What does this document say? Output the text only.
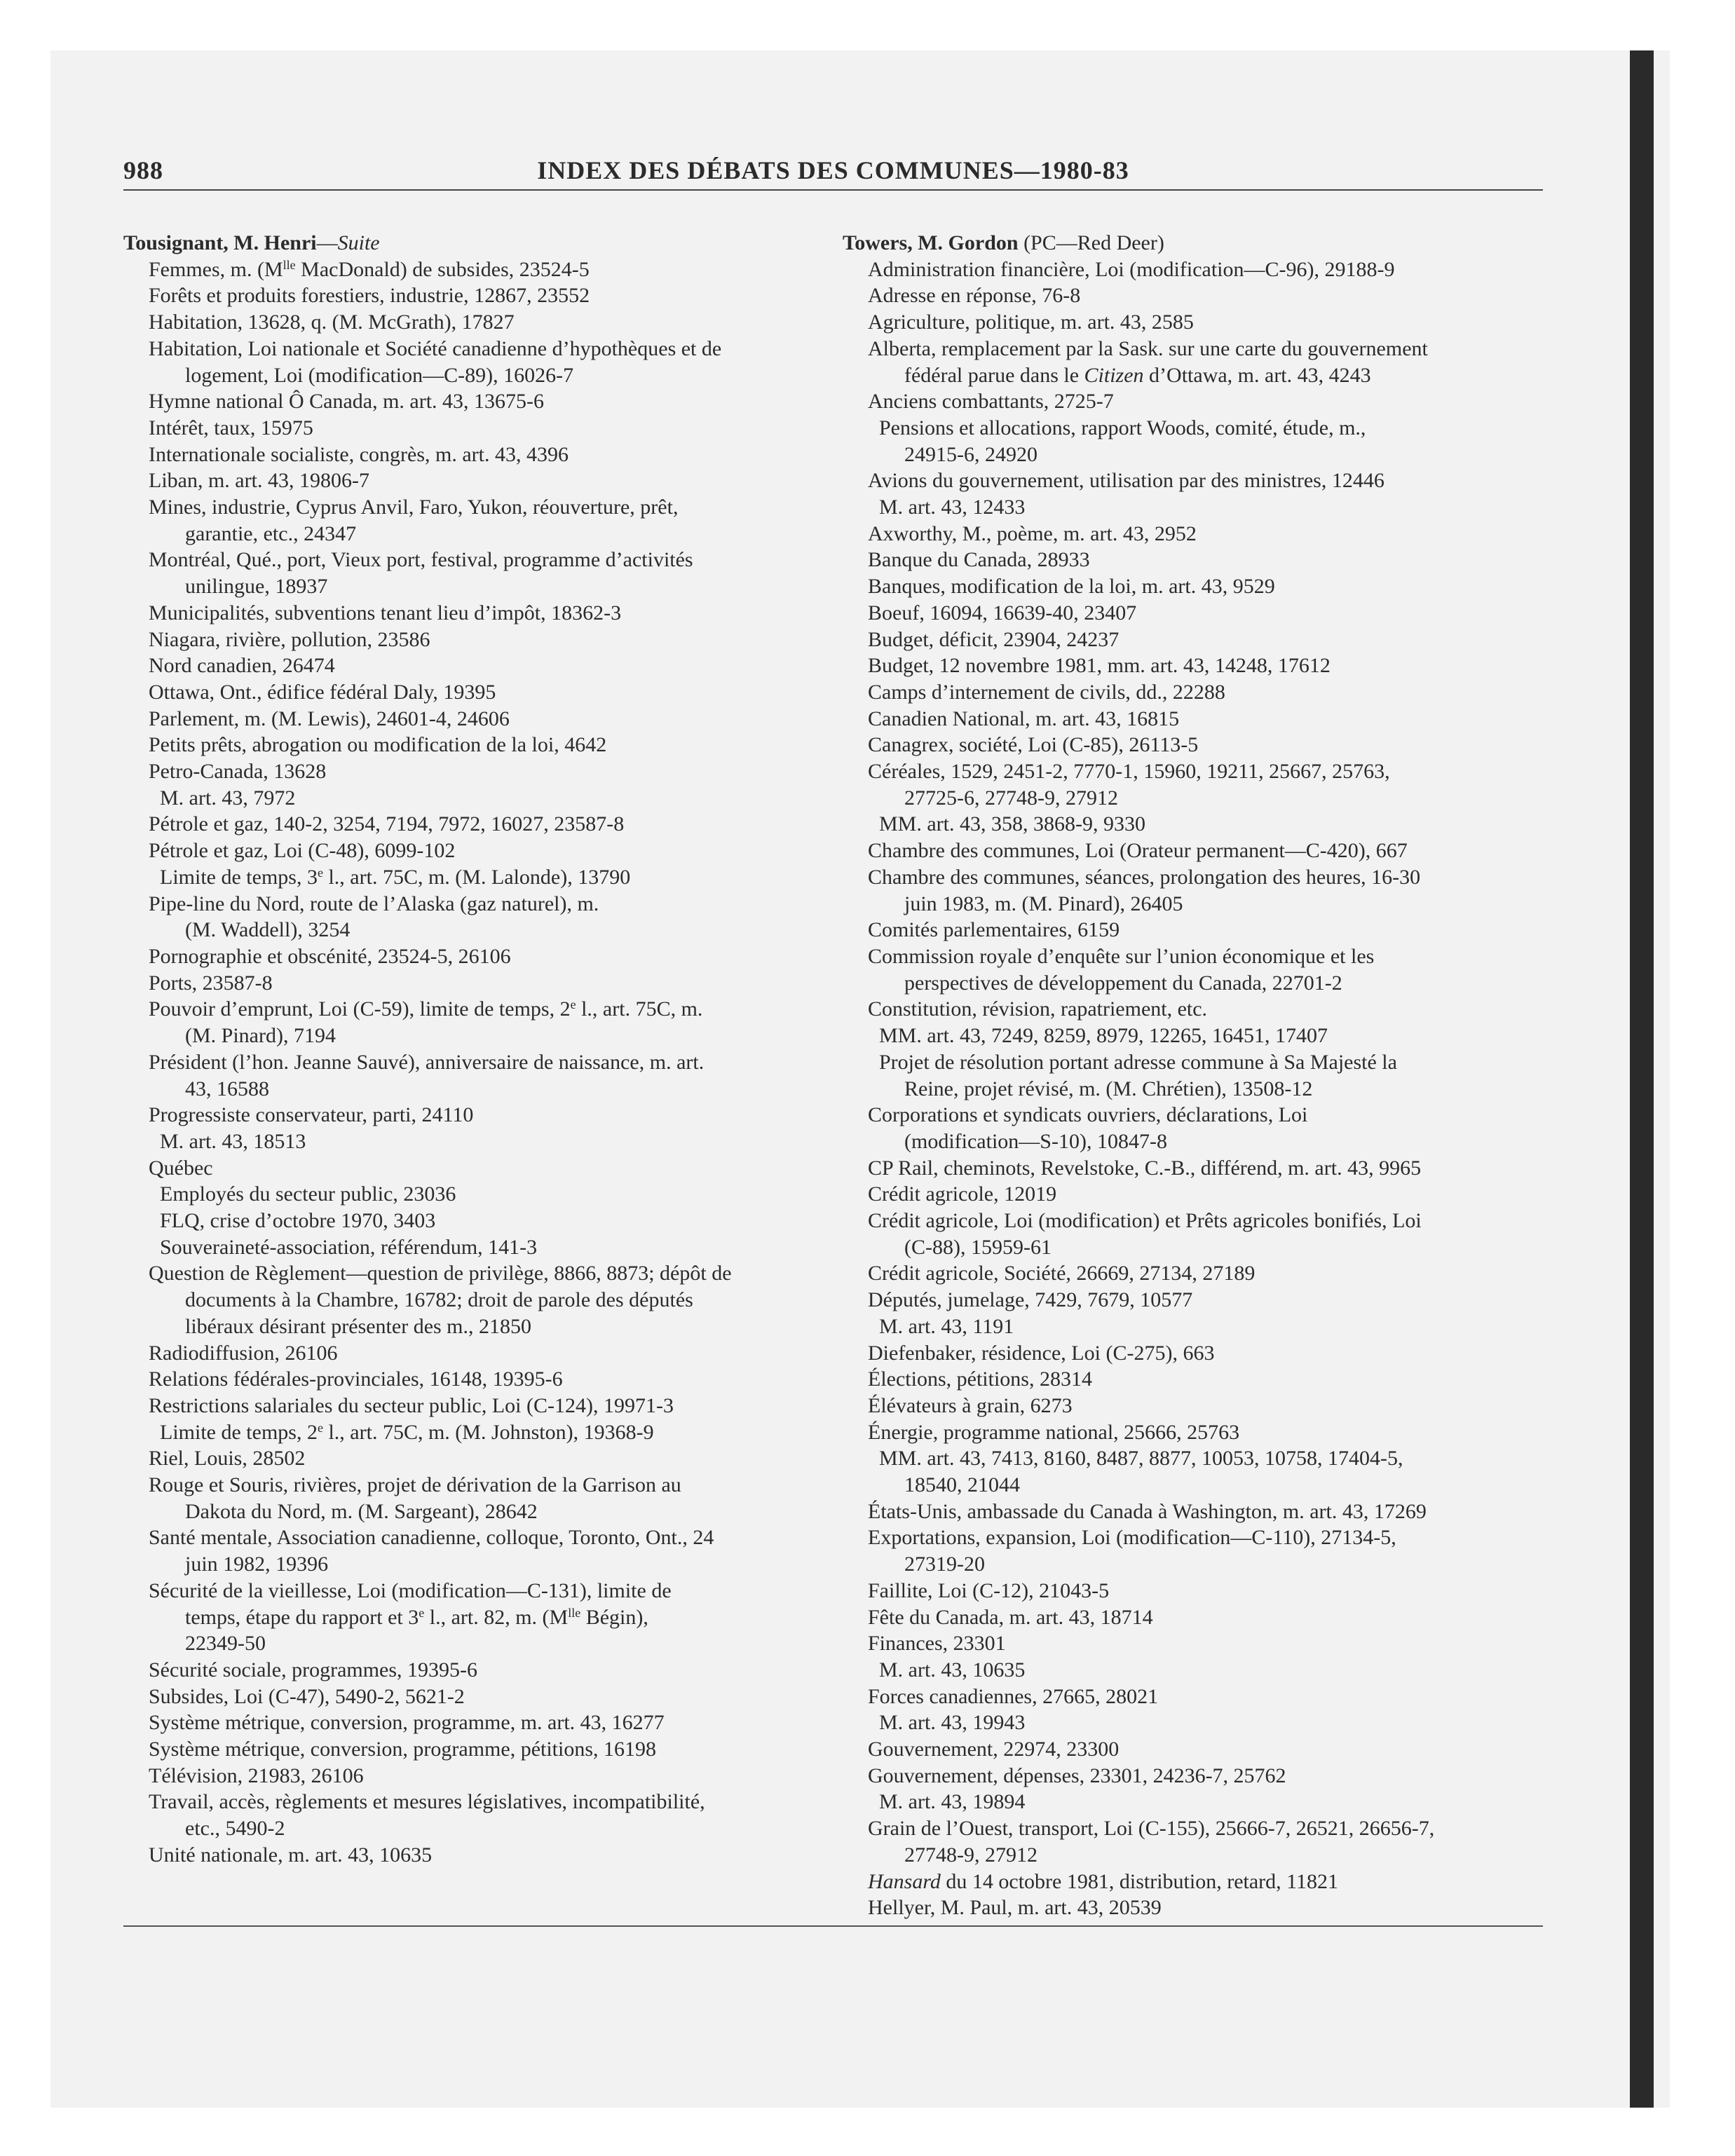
988	INDEX DES DÉBATS DES COMMUNES—1980-83
Tousignant, M. Henri—Suite
Femmes, m. ($M^{lle}$ MacDonald) de subsides, 23524-5
Forêts et produits forestiers, industrie, 12867, 23552
Habitation, 13628, q. (M. McGrath), 17827
Habitation, Loi nationale et Société canadienne d’hypothèques et de
logement, Loi (modification—C-89), 16026-7
Hymne national Ô Canada, m. art. 43, 13675-6
Intérêt, taux, 15975
Internationale socialiste, congrès, m. art. 43, 4396
Liban, m. art. 43, 19806-7
Mines, industrie, Cyprus Anvil, Faro, Yukon, réouverture, prêt,
garantie, etc., 24347
Montréal, Qué., port, Vieux port, festival, programme d’activités
unilingue, 18937
Municipalités, subventions tenant lieu d’impôt, 18362-3
Niagara, rivière, pollution, 23586
Nord canadien, 26474
Ottawa, Ont., édifice fédéral Daly, 19395
Parlement, m. (M. Lewis), 24601-4, 24606
Petits prêts, abrogation ou modification de la loi, 4642
Petro-Canada, 13628
M. art. 43, 7972
Pétrole et gaz, 140-2, 3254, 7194, 7972, 16027, 23587-8
Pétrole et gaz, Loi (C-48), 6099-102
Limite de temps, 3e l., art. 75C, m. (M. Lalonde), 13790
Pipe-line du Nord, route de l’Alaska (gaz naturel), m.
(M. Waddell), 3254
Pornographie et obscénité, 23524-5, 26106
Ports, 23587-8
Pouvoir d’emprunt, Loi (C-59), limite de temps, 2e l., art. 75C, m.
(M. Pinard), 7194
Président (l’hon. Jeanne Sauvé), anniversaire de naissance, m. art.
43, 16588
Progressiste conservateur, parti, 24110
M. art. 43, 18513
Québec
Employés du secteur public, 23036
FLQ, crise d’octobre 1970, 3403
Souveraineté-association, référendum, 141-3
Question de Règlement—question de privilège, 8866, 8873; dépôt de
documents à la Chambre, 16782; droit de parole des députés
libéraux désirant présenter des m., 21850
Radiodiffusion, 26106
Relations fédérales-provinciales, 16148, 19395-6
Restrictions salariales du secteur public, Loi (C-124), 19971-3
Limite de temps, 2e l., art. 75C, m. (M. Johnston), 19368-9
Riel, Louis, 28502
Rouge et Souris, rivières, projet de dérivation de la Garrison au
Dakota du Nord, m. (M. Sargeant), 28642
Santé mentale, Association canadienne, colloque, Toronto, Ont., 24
juin 1982, 19396
Sécurité de la vieillesse, Loi (modification—C-131), limite de
temps, étape du rapport et 3e l., art. 82, m. ($M^{lle}$ Bégin),
22349-50
Sécurité sociale, programmes, 19395-6
Subsides, Loi (C-47), 5490-2, 5621-2
Système métrique, conversion, programme, m. art. 43, 16277
Système métrique, conversion, programme, pétitions, 16198
Télévision, 21983, 26106
Travail, accès, règlements et mesures législatives, incompatibilité,
etc., 5490-2
Unité nationale, m. art. 43, 10635
Towers, M. Gordon (PC—Red Deer)
Administration financière, Loi (modification—C-96), 29188-9
Adresse en réponse, 76-8
Agriculture, politique, m. art. 43, 2585
Alberta, remplacement par la Sask. sur une carte du gouvernement
fédéral parue dans le Citizen d’Ottawa, m. art. 43, 4243
Anciens combattants, 2725-7
Pensions et allocations, rapport Woods, comité, étude, m.,
24915-6, 24920
Avions du gouvernement, utilisation par des ministres, 12446
M. art. 43, 12433
Axworthy, M., poème, m. art. 43, 2952
Banque du Canada, 28933
Banques, modification de la loi, m. art. 43, 9529
Boeuf, 16094, 16639-40, 23407
Budget, déficit, 23904, 24237
Budget, 12 novembre 1981, mm. art. 43, 14248, 17612
Camps d’internement de civils, dd., 22288
Canadien National, m. art. 43, 16815
Canagrex, société, Loi (C-85), 26113-5
Céréales, 1529, 2451-2, 7770-1, 15960, 19211, 25667, 25763,
27725-6, 27748-9, 27912
MM. art. 43, 358, 3868-9, 9330
Chambre des communes, Loi (Orateur permanent—C-420), 667
Chambre des communes, séances, prolongation des heures, 16-30
juin 1983, m. (M. Pinard), 26405
Comités parlementaires, 6159
Commission royale d’enquête sur l’union économique et les
perspectives de développement du Canada, 22701-2
Constitution, révision, rapatriement, etc.
MM. art. 43, 7249, 8259, 8979, 12265, 16451, 17407
Projet de résolution portant adresse commune à Sa Majesté la
Reine, projet révisé, m. (M. Chrétien), 13508-12
Corporations et syndicats ouvriers, déclarations, Loi
(modification—S-10), 10847-8
CP Rail, cheminots, Revelstoke, C.-B., différend, m. art. 43, 9965
Crédit agricole, 12019
Crédit agricole, Loi (modification) et Prêts agricoles bonifiés, Loi
(C-88), 15959-61
Crédit agricole, Société, 26669, 27134, 27189
Députés, jumelage, 7429, 7679, 10577
M. art. 43, 1191
Diefenbaker, résidence, Loi (C-275), 663
Élections, pétitions, 28314
Élévateurs à grain, 6273
Énergie, programme national, 25666, 25763
MM. art. 43, 7413, 8160, 8487, 8877, 10053, 10758, 17404-5,
18540, 21044
États-Unis, ambassade du Canada à Washington, m. art. 43, 17269
Exportations, expansion, Loi (modification—C-110), 27134-5,
27319-20
Faillite, Loi (C-12), 21043-5
Fête du Canada, m. art. 43, 18714
Finances, 23301
M. art. 43, 10635
Forces canadiennes, 27665, 28021
M. art. 43, 19943
Gouvernement, 22974, 23300
Gouvernement, dépenses, 23301, 24236-7, 25762
M. art. 43, 19894
Grain de l’Ouest, transport, Loi (C-155), 25666-7, 26521, 26656-7,
27748-9, 27912
Hansard du 14 octobre 1981, distribution, retard, 11821
Hellyer, M. Paul, m. art. 43, 20539
